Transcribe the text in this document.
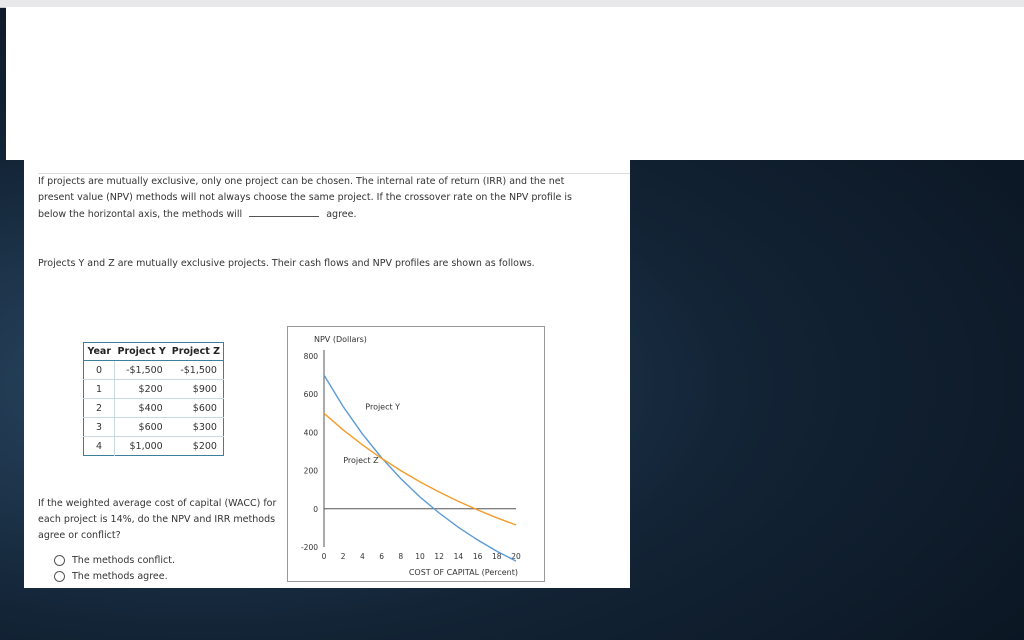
If projects are mutually exclusive, only one project can be chosen. The internal rate of return (IRR) and the net present value (NPV) methods will not always choose the same project. If the crossover rate on the NPV profile is below the horizontal axis, the methods will	agree.
Projects Y and Z are mutually exclusive projects. Their cash flows and NPV profiles are shown as follows.
Year	Project Y	Project Z
0	-$1,500	-$1,500
1	$200	$900
2	$400	$600
3	$600	$300
4	$1,000	$200
If the weighted average cost of capital (WACC) for each project is 14%, do the NPV and IRR methods agree or conflict?
The methods conflict.
The methods agree.
NPV (Dollars)
COST OF CAPITAL (Percent)
800
600
400
200
0
-200
0 2 4 6 8 10 12 14 16 18 20
Project Y
Project Z
